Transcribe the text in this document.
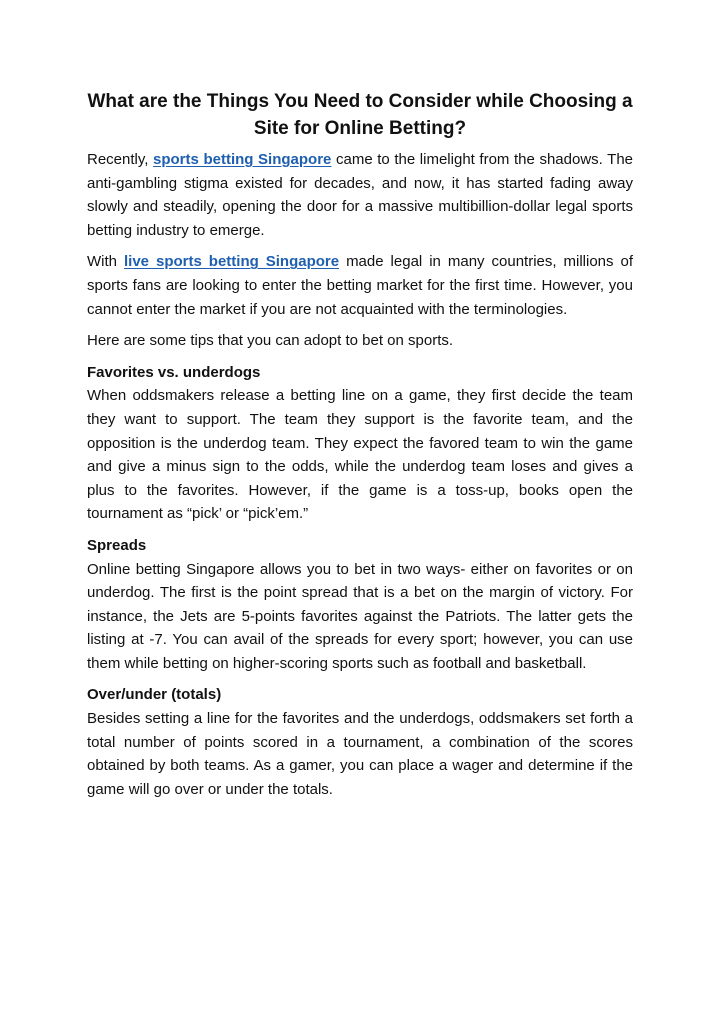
What are the Things You Need to Consider while Choosing a Site for Online Betting?

Recently, sports betting Singapore came to the limelight from the shadows. The anti-gambling stigma existed for decades, and now, it has started fading away slowly and steadily, opening the door for a massive multibillion-dollar legal sports betting industry to emerge.

With live sports betting Singapore made legal in many countries, millions of sports fans are looking to enter the betting market for the first time. However, you cannot enter the market if you are not acquainted with the terminologies.

Here are some tips that you can adopt to bet on sports.

Favorites vs. underdogs

When oddsmakers release a betting line on a game, they first decide the team they want to support. The team they support is the favorite team, and the opposition is the underdog team. They expect the favored team to win the game and give a minus sign to the odds, while the underdog team loses and gives a plus to the favorites. However, if the game is a toss-up, books open the tournament as “pick’ or “pick’em.”

Spreads

Online betting Singapore allows you to bet in two ways- either on favorites or on underdog. The first is the point spread that is a bet on the margin of victory. For instance, the Jets are 5-points favorites against the Patriots. The latter gets the listing at -7. You can avail of the spreads for every sport; however, you can use them while betting on higher-scoring sports such as football and basketball.

Over/under (totals)

Besides setting a line for the favorites and the underdogs, oddsmakers set forth a total number of points scored in a tournament, a combination of the scores obtained by both teams. As a gamer, you can place a wager and determine if the game will go over or under the totals.
